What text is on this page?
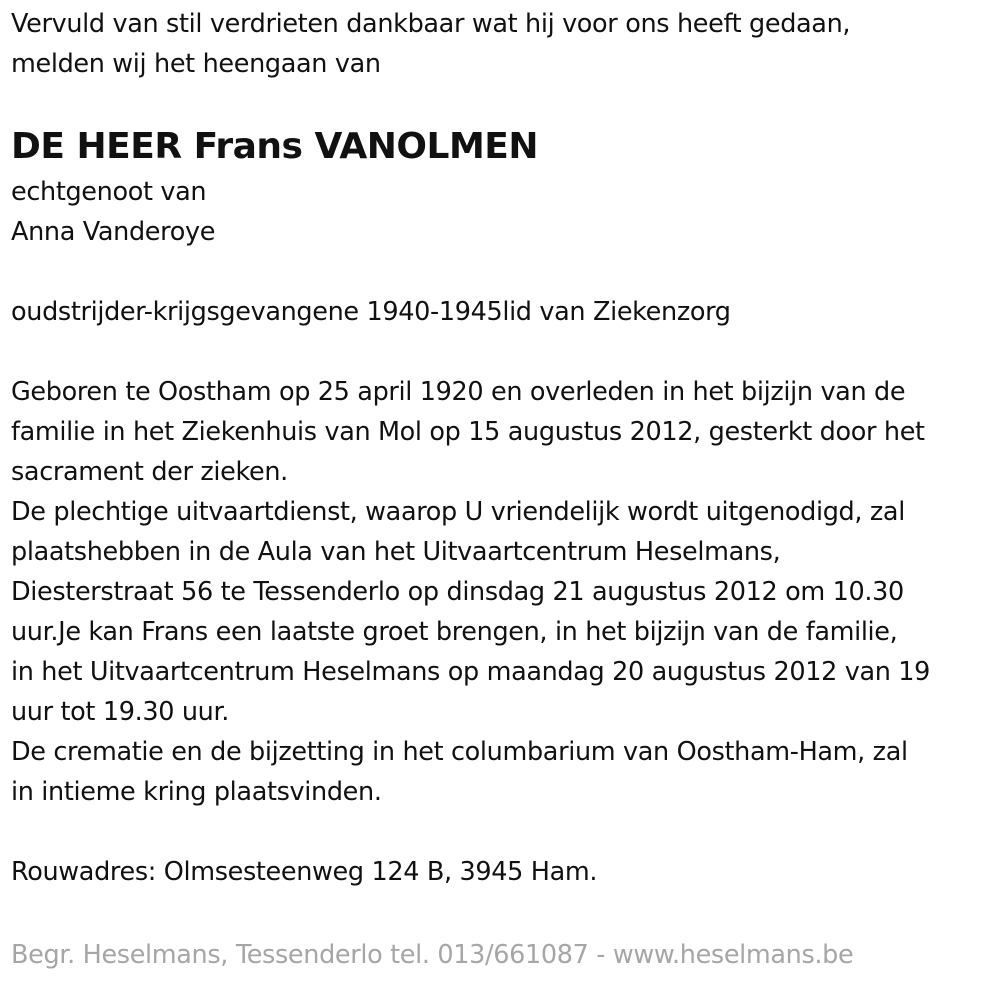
Vervuld van stil verdrieten dankbaar wat hij voor ons heeft gedaan,
melden wij het heengaan van
DE HEER Frans VANOLMEN
echtgenoot van
Anna Vanderoye
oudstrijder-krijgsgevangene 1940-1945lid van Ziekenzorg
Geboren te Oostham op 25 april 1920 en overleden in het bijzijn van de
familie in het Ziekenhuis van Mol op 15 augustus 2012, gesterkt door het
sacrament der zieken.
De plechtige uitvaartdienst, waarop U vriendelijk wordt uitgenodigd, zal
plaatshebben in de Aula van het Uitvaartcentrum Heselmans,
Diesterstraat 56 te Tessenderlo op dinsdag 21 augustus 2012 om 10.30
uur.Je kan Frans een laatste groet brengen, in het bijzijn van de familie,
in het Uitvaartcentrum Heselmans op maandag 20 augustus 2012 van 19
uur tot 19.30 uur.
De crematie en de bijzetting in het columbarium van Oostham-Ham, zal
in intieme kring plaatsvinden.
Rouwadres: Olmsesteenweg 124 B, 3945 Ham.
Begr. Heselmans, Tessenderlo tel. 013/661087 - www.heselmans.be
